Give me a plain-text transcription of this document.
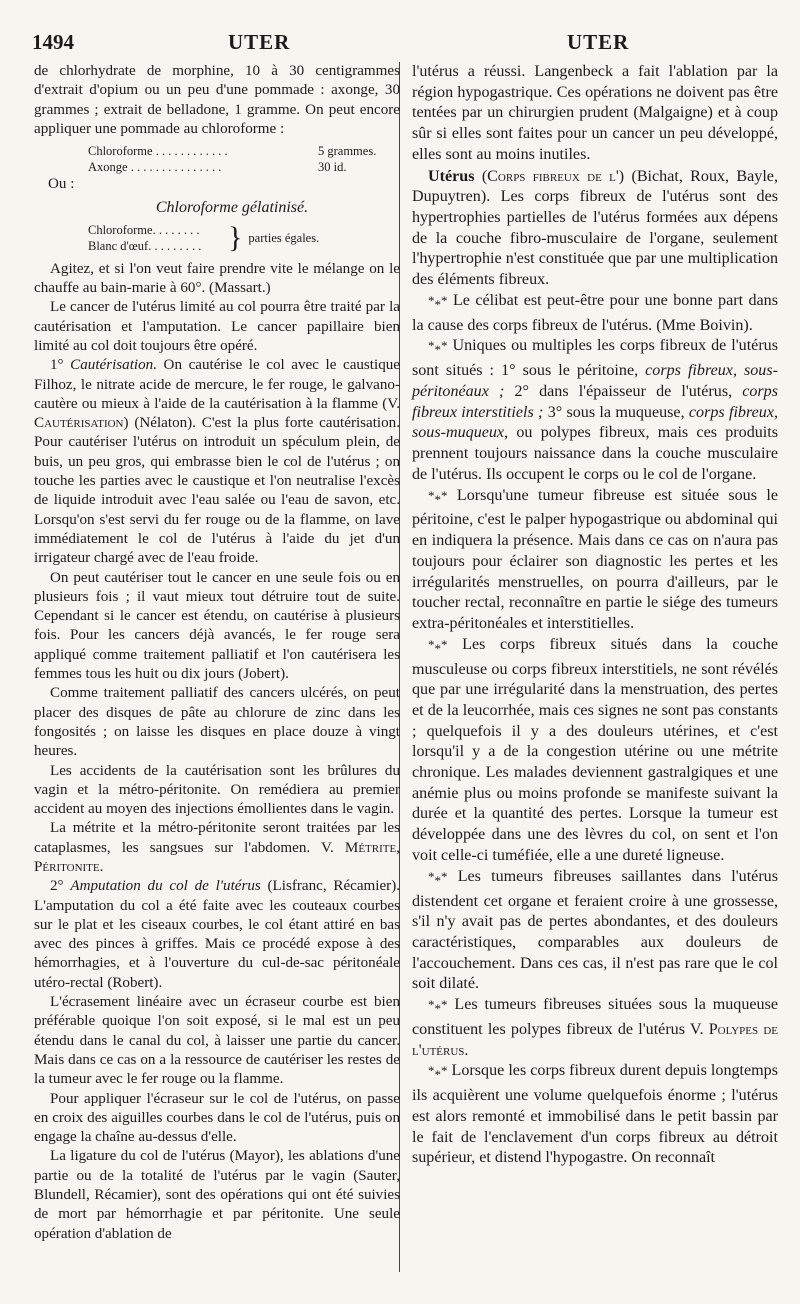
1494	UTER	UTER

de chlorhydrate de morphine, 10 à 30 centigrammes d'extrait d'opium ou un peu d'une pommade : axonge, 30 grammes ; extrait de belladone, 1 gramme. On peut encore appliquer une pommade au chloroforme :

Chloroforme . . . . . . . . . . . .	5 grammes.
Axonge . . . . . . . . . . . . . . .	30 id.

Ou :

Chloroforme gélatinisé.

Chloroforme. . . . . . . .
Blanc d'œuf. . . . . . . . . } parties égales.

Agitez, et si l'on veut faire prendre vite le mélange on le chauffe au bain-marie à 60°. (Massart.)

Le cancer de l'utérus limité au col pourra être traité par la cautérisation et l'amputation. Le cancer papillaire bien limité au col doit toujours être opéré.

1° Cautérisation. On cautérise le col avec le caustique Filhoz, le nitrate acide de mercure, le fer rouge, le galvano-cautère ou mieux à l'aide de la cautérisation à la flamme (V. Cautérisation) (Nélaton). C'est la plus forte cautérisation. Pour cautériser l'utérus on introduit un spéculum plein, de buis, un peu gros, qui embrasse bien le col de l'utérus ; on touche les parties avec le caustique et l'on neutralise l'excès de liquide introduit avec l'eau salée ou l'eau de savon, etc. Lorsqu'on s'est servi du fer rouge ou de la flamme, on lave immédiatement le col de l'utérus à l'aide du jet d'un irrigateur chargé avec de l'eau froide.

On peut cautériser tout le cancer en une seule fois ou en plusieurs fois ; il vaut mieux tout détruire tout de suite. Cependant si le cancer est étendu, on cautérise à plusieurs fois. Pour les cancers déjà avancés, le fer rouge sera appliqué comme traitement palliatif et l'on cautérisera les femmes tous les huit ou dix jours (Jobert).

Comme traitement palliatif des cancers ulcérés, on peut placer des disques de pâte au chlorure de zinc dans les fongosités ; on laisse les disques en place douze à vingt heures.

Les accidents de la cautérisation sont les brûlures du vagin et la métro-péritonite. On remédiera au premier accident au moyen des injections émollientes dans le vagin.

La métrite et la métro-péritonite seront traitées par les cataplasmes, les sangsues sur l'abdomen. V. Métrite, Péritonite.

2° Amputation du col de l'utérus (Lisfranc, Récamier). L'amputation du col a été faite avec les couteaux courbes sur le plat et les ciseaux courbes, le col étant attiré en bas avec des pinces à griffes. Mais ce procédé expose à des hémorrhagies, et à l'ouverture du cul-de-sac péritonéale utéro-rectal (Robert).

L'écrasement linéaire avec un écraseur courbe est bien préférable quoique l'on soit exposé, si le mal est un peu étendu dans le canal du col, à laisser une partie du cancer. Mais dans ce cas on a la ressource de cautériser les restes de la tumeur avec le fer rouge ou la flamme.

Pour appliquer l'écraseur sur le col de l'utérus, on passe en croix des aiguilles courbes dans le col de l'utérus, puis on engage la chaîne au-dessus d'elle.

La ligature du col de l'utérus (Mayor), les ablations d'une partie ou de la totalité de l'utérus par le vagin (Sauter, Blundell, Récamier), sont des opérations qui ont été suivies de mort par hémorrhagie et par péritonite. Une seule opération d'ablation de

l'utérus a réussi. Langenbeck a fait l'ablation par la région hypogastrique. Ces opérations ne doivent pas être tentées par un chirurgien prudent (Malgaigne) et à coup sûr si elles sont faites pour un cancer un peu développé, elles sont au moins inutiles.

Utérus (Corps fibreux de l') (Bichat, Roux, Bayle, Dupuytren). Les corps fibreux de l'utérus sont des hypertrophies partielles de l'utérus formées aux dépens de la couche fibro-musculaire de l'organe, seulement l'hypertrophie n'est constituée que par une multiplication des éléments fibreux.

$*_**$ Le célibat est peut-être pour une bonne part dans la cause des corps fibreux de l'utérus. (Mme Boivin).

$*_**$ Uniques ou multiples les corps fibreux de l'utérus sont situés : 1° sous le péritoine, corps fibreux, sous-péritonéaux ; 2° dans l'épaisseur de l'utérus, corps fibreux interstitiels ; 3° sous la muqueuse, corps fibreux, sous-muqueux, ou polypes fibreux, mais ces produits prennent toujours naissance dans la couche musculaire de l'utérus. Ils occupent le corps ou le col de l'organe.

$*_**$ Lorsqu'une tumeur fibreuse est située sous le péritoine, c'est le palper hypogastrique ou abdominal qui en indiquera la présence. Mais dans ce cas on n'aura pas toujours pour éclairer son diagnostic les pertes et les irrégularités menstruelles, on pourra d'ailleurs, par le toucher rectal, reconnaître en partie le siége des tumeurs extra-péritonéales et interstitielles.

$*_**$ Les corps fibreux situés dans la couche musculeuse ou corps fibreux interstitiels, ne sont révélés que par une irrégularité dans la menstruation, des pertes et de la leucorrhée, mais ces signes ne sont pas constants ; quelquefois il y a des douleurs utérines, et c'est lorsqu'il y a de la congestion utérine ou une métrite chronique. Les malades deviennent gastralgiques et une anémie plus ou moins profonde se manifeste suivant la durée et la quantité des pertes. Lorsque la tumeur est développée dans une des lèvres du col, on sent et l'on voit celle-ci tuméfiée, elle a une dureté ligneuse.

$*_**$ Les tumeurs fibreuses saillantes dans l'utérus distendent cet organe et feraient croire à une grossesse, s'il n'y avait pas de pertes abondantes, et des douleurs caractéristiques, comparables aux douleurs de l'accouchement. Dans ces cas, il n'est pas rare que le col soit dilaté.

$*_**$ Les tumeurs fibreuses situées sous la muqueuse constituent les polypes fibreux de l'utérus V. Polypes de l'utérus.

$*_**$ Lorsque les corps fibreux durent depuis longtemps ils acquièrent une volume quelquefois énorme ; l'utérus est alors remonté et immobilisé dans le petit bassin par le fait de l'enclavement d'un corps fibreux au détroit supérieur, et distend l'hypogastre. On reconnaît
